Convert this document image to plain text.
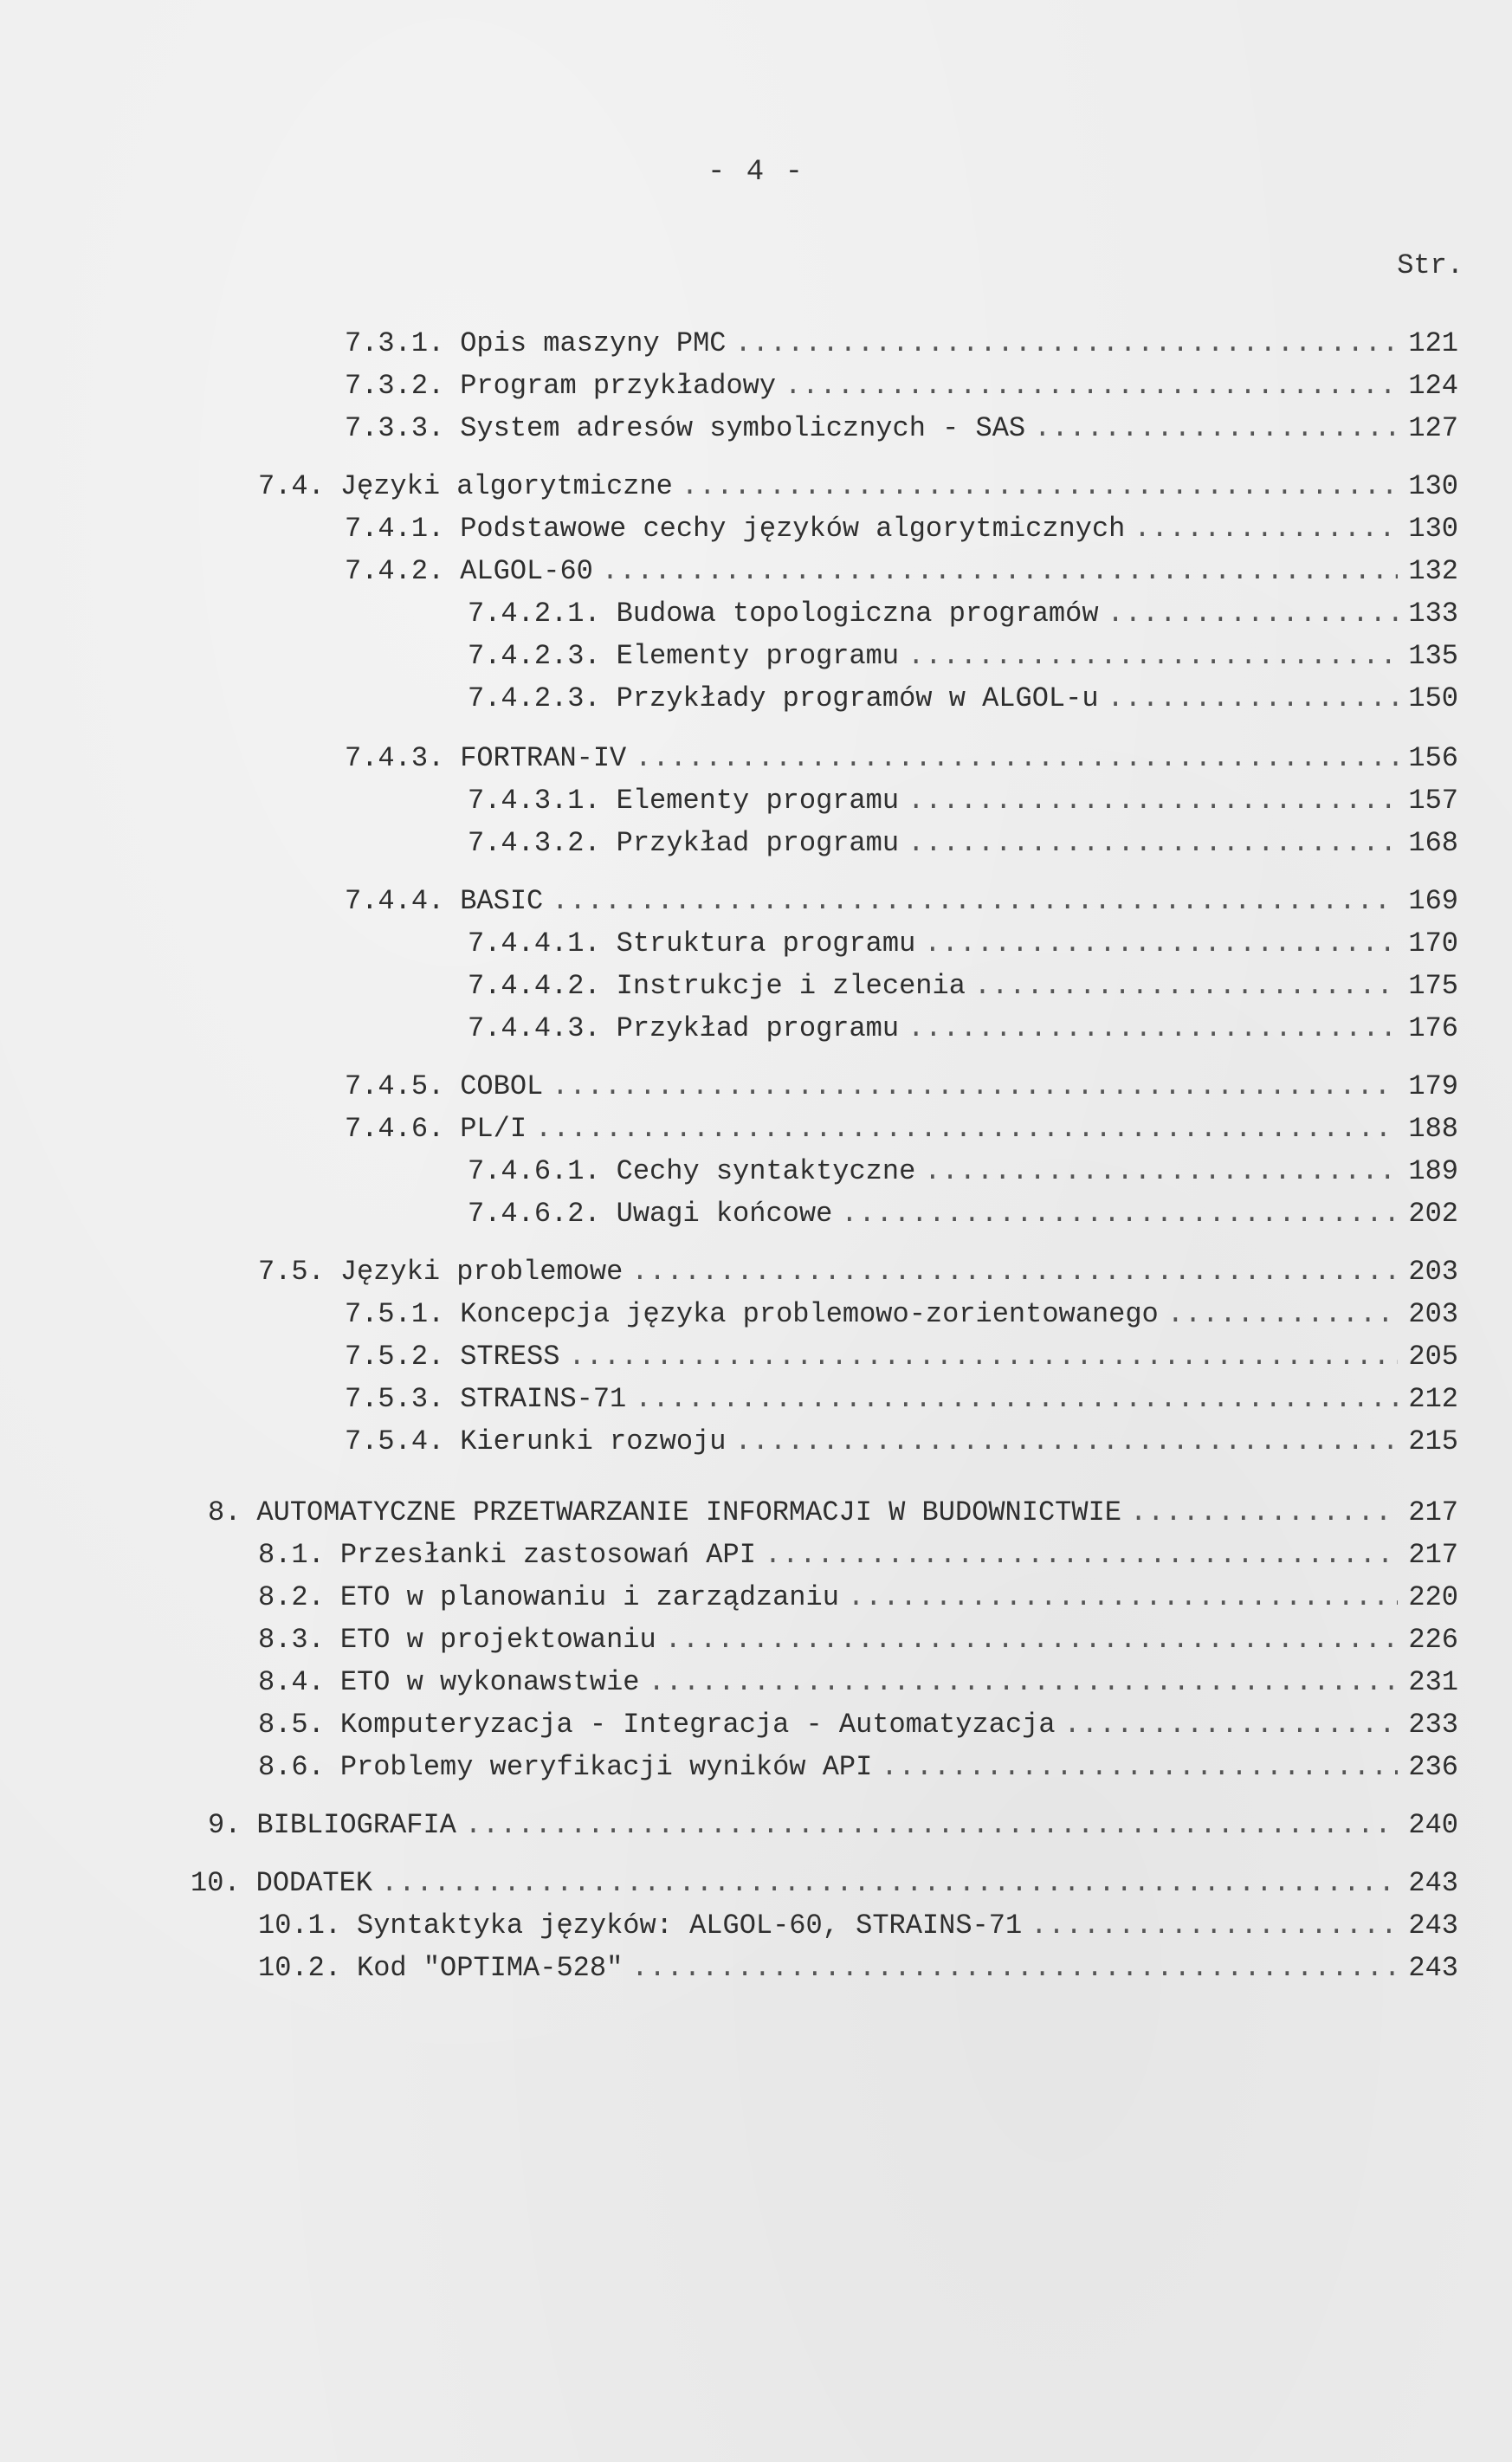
- 4 -
Str.
7.3.1. Opis maszyny PMC .....	121
7.3.2. Program przykładowy .....	124
7.3.3. System adresów symbolicznych - SAS .....	127
7.4. Języki algorytmiczne .....	130
7.4.1. Podstawowe cechy języków algorytmicznych .....	130
7.4.2. ALGOL-60 .....	132
7.4.2.1. Budowa topologiczna programów .....	133
7.4.2.3. Elementy programu .....	135
7.4.2.3. Przykłady programów w ALGOL-u .....	150
7.4.3. FORTRAN-IV .....	156
7.4.3.1. Elementy programu .....	157
7.4.3.2. Przykład programu .....	168
7.4.4. BASIC .....	169
7.4.4.1. Struktura programu .....	170
7.4.4.2. Instrukcje i zlecenia .....	175
7.4.4.3. Przykład programu .....	176
7.4.5. COBOL .....	179
7.4.6. PL/I .....	188
7.4.6.1. Cechy syntaktyczne .....	189
7.4.6.2. Uwagi końcowe .....	202
7.5. Języki problemowe .....	203
7.5.1. Koncepcja języka problemowo-zorientowanego .....	203
7.5.2. STRESS .....	205
7.5.3. STRAINS-71 .....	212
7.5.4. Kierunki rozwoju .....	215
8. AUTOMATYCZNE PRZETWARZANIE INFORMACJI W BUDOWNICTWIE .....	217
8.1. Przesłanki zastosowań API .....	217
8.2. ETO w planowaniu i zarządzaniu .....	220
8.3. ETO w projektowaniu .....	226
8.4. ETO w wykonawstwie .....	231
8.5. Komputeryzacja - Integracja - Automatyzacja .....	233
8.6. Problemy weryfikacji wyników API .....	236
9. BIBLIOGRAFIA .....	240
10. DODATEK .....	243
10.1. Syntaktyka języków: ALGOL-60, STRAINS-71 .....	243
10.2. Kod "OPTIMA-528" .....	243
